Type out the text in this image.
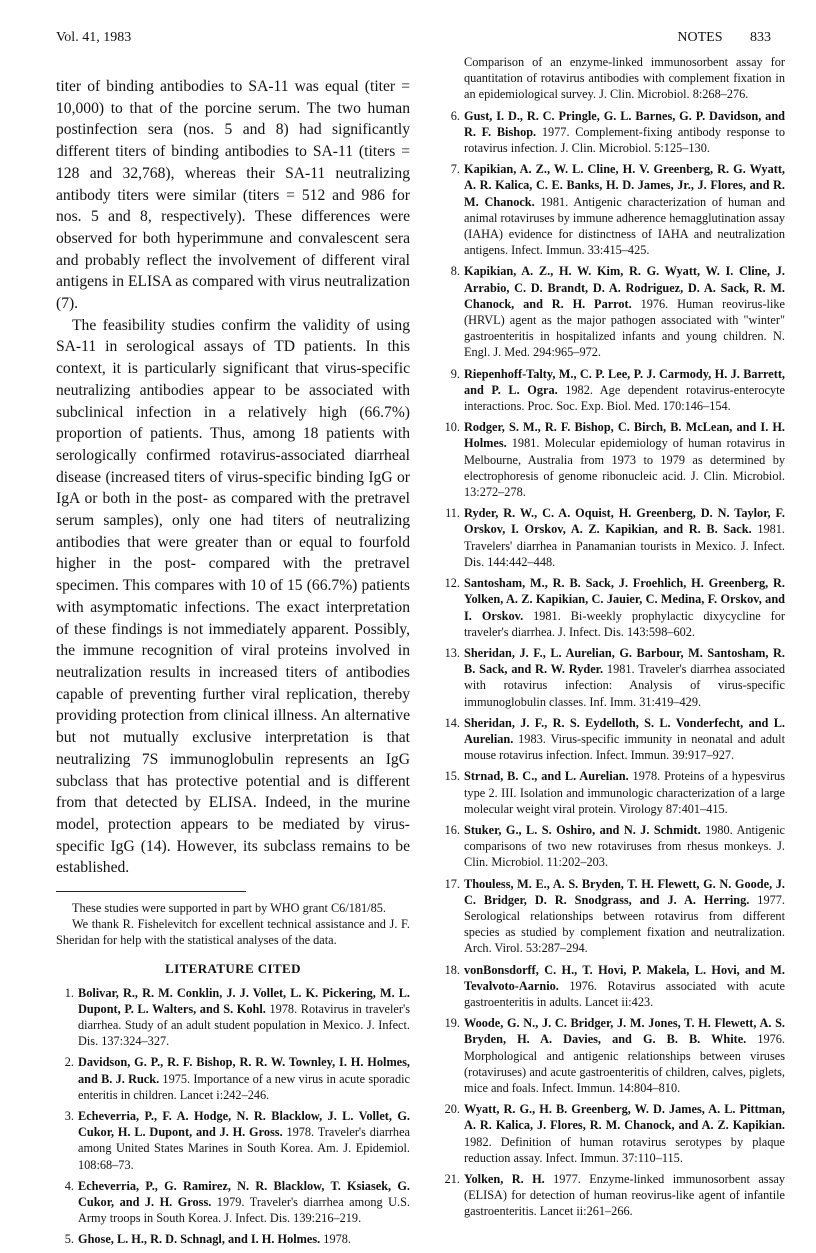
Vol. 41, 1983	NOTES 833

titer of binding antibodies to SA-11 was equal (titer = 10,000) to that of the porcine serum. The two human postinfection sera (nos. 5 and 8) had significantly different titers of binding antibodies to SA-11 (titers = 128 and 32,768), whereas their SA-11 neutralizing antibody titers were similar (titers = 512 and 986 for nos. 5 and 8, respectively). These differences were observed for both hyperimmune and convalescent sera and probably reflect the involvement of different viral antigens in ELISA as compared with virus neutralization (7).

The feasibility studies confirm the validity of using SA-11 in serological assays of TD patients. In this context, it is particularly significant that virus-specific neutralizing antibodies appear to be associated with subclinical infection in a relatively high (66.7%) proportion of patients. Thus, among 18 patients with serologically confirmed rotavirus-associated diarrheal disease (increased titers of virus-specific binding IgG or IgA or both in the post- as compared with the pretravel serum samples), only one had titers of neutralizing antibodies that were greater than or equal to fourfold higher in the post- compared with the pretravel specimen. This compares with 10 of 15 (66.7%) patients with asymptomatic infections. The exact interpretation of these findings is not immediately apparent. Possibly, the immune recognition of viral proteins involved in neutralization results in increased titers of antibodies capable of preventing further viral replication, thereby providing protection from clinical illness. An alternative but not mutually exclusive interpretation is that neutralizing 7S immunoglobulin represents an IgG subclass that has protective potential and is different from that detected by ELISA. Indeed, in the murine model, protection appears to be mediated by virus-specific IgG (14). However, its subclass remains to be established.

These studies were supported in part by WHO grant C6/181/85.

We thank R. Fishelevitch for excellent technical assistance and J. F. Sheridan for help with the statistical analyses of the data.

LITERATURE CITED
1. Bolivar, R., R. M. Conklin, J. J. Vollet, L. K. Pickering, M. L. Dupont, P. L. Walters, and S. Kohl. 1978. Rotavirus in traveler's diarrhea. Study of an adult student population in Mexico. J. Infect. Dis. 137:324–327.
2. Davidson, G. P., R. F. Bishop, R. R. W. Townley, I. H. Holmes, and B. J. Ruck. 1975. Importance of a new virus in acute sporadic enteritis in children. Lancet i:242–246.
3. Echeverria, P., F. A. Hodge, N. R. Blacklow, J. L. Vollet, G. Cukor, H. L. Dupont, and J. H. Gross. 1978. Traveler's diarrhea among United States Marines in South Korea. Am. J. Epidemiol. 108:68–73.
4. Echeverria, P., G. Ramirez, N. R. Blacklow, T. Ksiasek, G. Cukor, and J. H. Gross. 1979. Traveler's diarrhea among U.S. Army troops in South Korea. J. Infect. Dis. 139:216–219.
5. Ghose, L. H., R. D. Schnagl, and I. H. Holmes. 1978.

Comparison of an enzyme-linked immunosorbent assay for quantitation of rotavirus antibodies with complement fixation in an epidemiological survey. J. Clin. Microbiol. 8:268–276.

6. Gust, I. D., R. C. Pringle, G. L. Barnes, G. P. Davidson, and R. F. Bishop. 1977. Complement-fixing antibody response to rotavirus infection. J. Clin. Microbiol. 5:125–130.
7. Kapikian, A. Z., W. L. Cline, H. V. Greenberg, R. G. Wyatt, A. R. Kalica, C. E. Banks, H. D. James, Jr., J. Flores, and R. M. Chanock. 1981. Antigenic characterization of human and animal rotaviruses by immune adherence hemagglutination assay (IAHA) evidence for distinctness of IAHA and neutralization antigens. Infect. Immun. 33:415–425.
8. Kapikian, A. Z., H. W. Kim, R. G. Wyatt, W. I. Cline, J. Arrabio, C. D. Brandt, D. A. Rodriguez, D. A. Sack, R. M. Chanock, and R. H. Parrot. 1976. Human reovirus-like (HRVL) agent as the major pathogen associated with "winter" gastroenteritis in hospitalized infants and young children. N. Engl. J. Med. 294:965–972.
9. Riepenhoff-Talty, M., C. P. Lee, P. J. Carmody, H. J. Barrett, and P. L. Ogra. 1982. Age dependent rotavirus-enterocyte interactions. Proc. Soc. Exp. Biol. Med. 170:146–154.
10. Rodger, S. M., R. F. Bishop, C. Birch, B. McLean, and I. H. Holmes. 1981. Molecular epidemiology of human rotavirus in Melbourne, Australia from 1973 to 1979 as determined by electrophoresis of genome ribonucleic acid. J. Clin. Microbiol. 13:272–278.
11. Ryder, R. W., C. A. Oquist, H. Greenberg, D. N. Taylor, F. Orskov, I. Orskov, A. Z. Kapikian, and R. B. Sack. 1981. Travelers' diarrhea in Panamanian tourists in Mexico. J. Infect. Dis. 144:442–448.
12. Santosham, M., R. B. Sack, J. Froehlich, H. Greenberg, R. Yolken, A. Z. Kapikian, C. Jauier, C. Medina, F. Orskov, and I. Orskov. 1981. Bi-weekly prophylactic dixycycline for traveler's diarrhea. J. Infect. Dis. 143:598–602.
13. Sheridan, J. F., L. Aurelian, G. Barbour, M. Santosham, R. B. Sack, and R. W. Ryder. 1981. Traveler's diarrhea associated with rotavirus infection: Analysis of virus-specific immunoglobulin classes. Inf. Imm. 31:419–429.
14. Sheridan, J. F., R. S. Eydelloth, S. L. Vonderfecht, and L. Aurelian. 1983. Virus-specific immunity in neonatal and adult mouse rotavirus infection. Infect. Immun. 39:917–927.
15. Strnad, B. C., and L. Aurelian. 1978. Proteins of a hypesvirus type 2. III. Isolation and immunologic characterization of a large molecular weight viral protein. Virology 87:401–415.
16. Stuker, G., L. S. Oshiro, and N. J. Schmidt. 1980. Antigenic comparisons of two new rotaviruses from rhesus monkeys. J. Clin. Microbiol. 11:202–203.
17. Thouless, M. E., A. S. Bryden, T. H. Flewett, G. N. Goode, J. C. Bridger, D. R. Snodgrass, and J. A. Herring. 1977. Serological relationships between rotavirus from different species as studied by complement fixation and neutralization. Arch. Virol. 53:287–294.
18. vonBonsdorff, C. H., T. Hovi, P. Makela, L. Hovi, and M. Tevalvoto-Aarnio. 1976. Rotavirus associated with acute gastroenteritis in adults. Lancet ii:423.
19. Woode, G. N., J. C. Bridger, J. M. Jones, T. H. Flewett, A. S. Bryden, H. A. Davies, and G. B. B. White. 1976. Morphological and antigenic relationships between viruses (rotaviruses) and acute gastroenteritis of children, calves, piglets, mice and foals. Infect. Immun. 14:804–810.
20. Wyatt, R. G., H. B. Greenberg, W. D. James, A. L. Pittman, A. R. Kalica, J. Flores, R. M. Chanock, and A. Z. Kapikian. 1982. Definition of human rotavirus serotypes by plaque reduction assay. Infect. Immun. 37:110–115.
21. Yolken, R. H. 1977. Enzyme-linked immunosorbent assay (ELISA) for detection of human reovirus-like agent of infantile gastroenteritis. Lancet ii:261–266.
